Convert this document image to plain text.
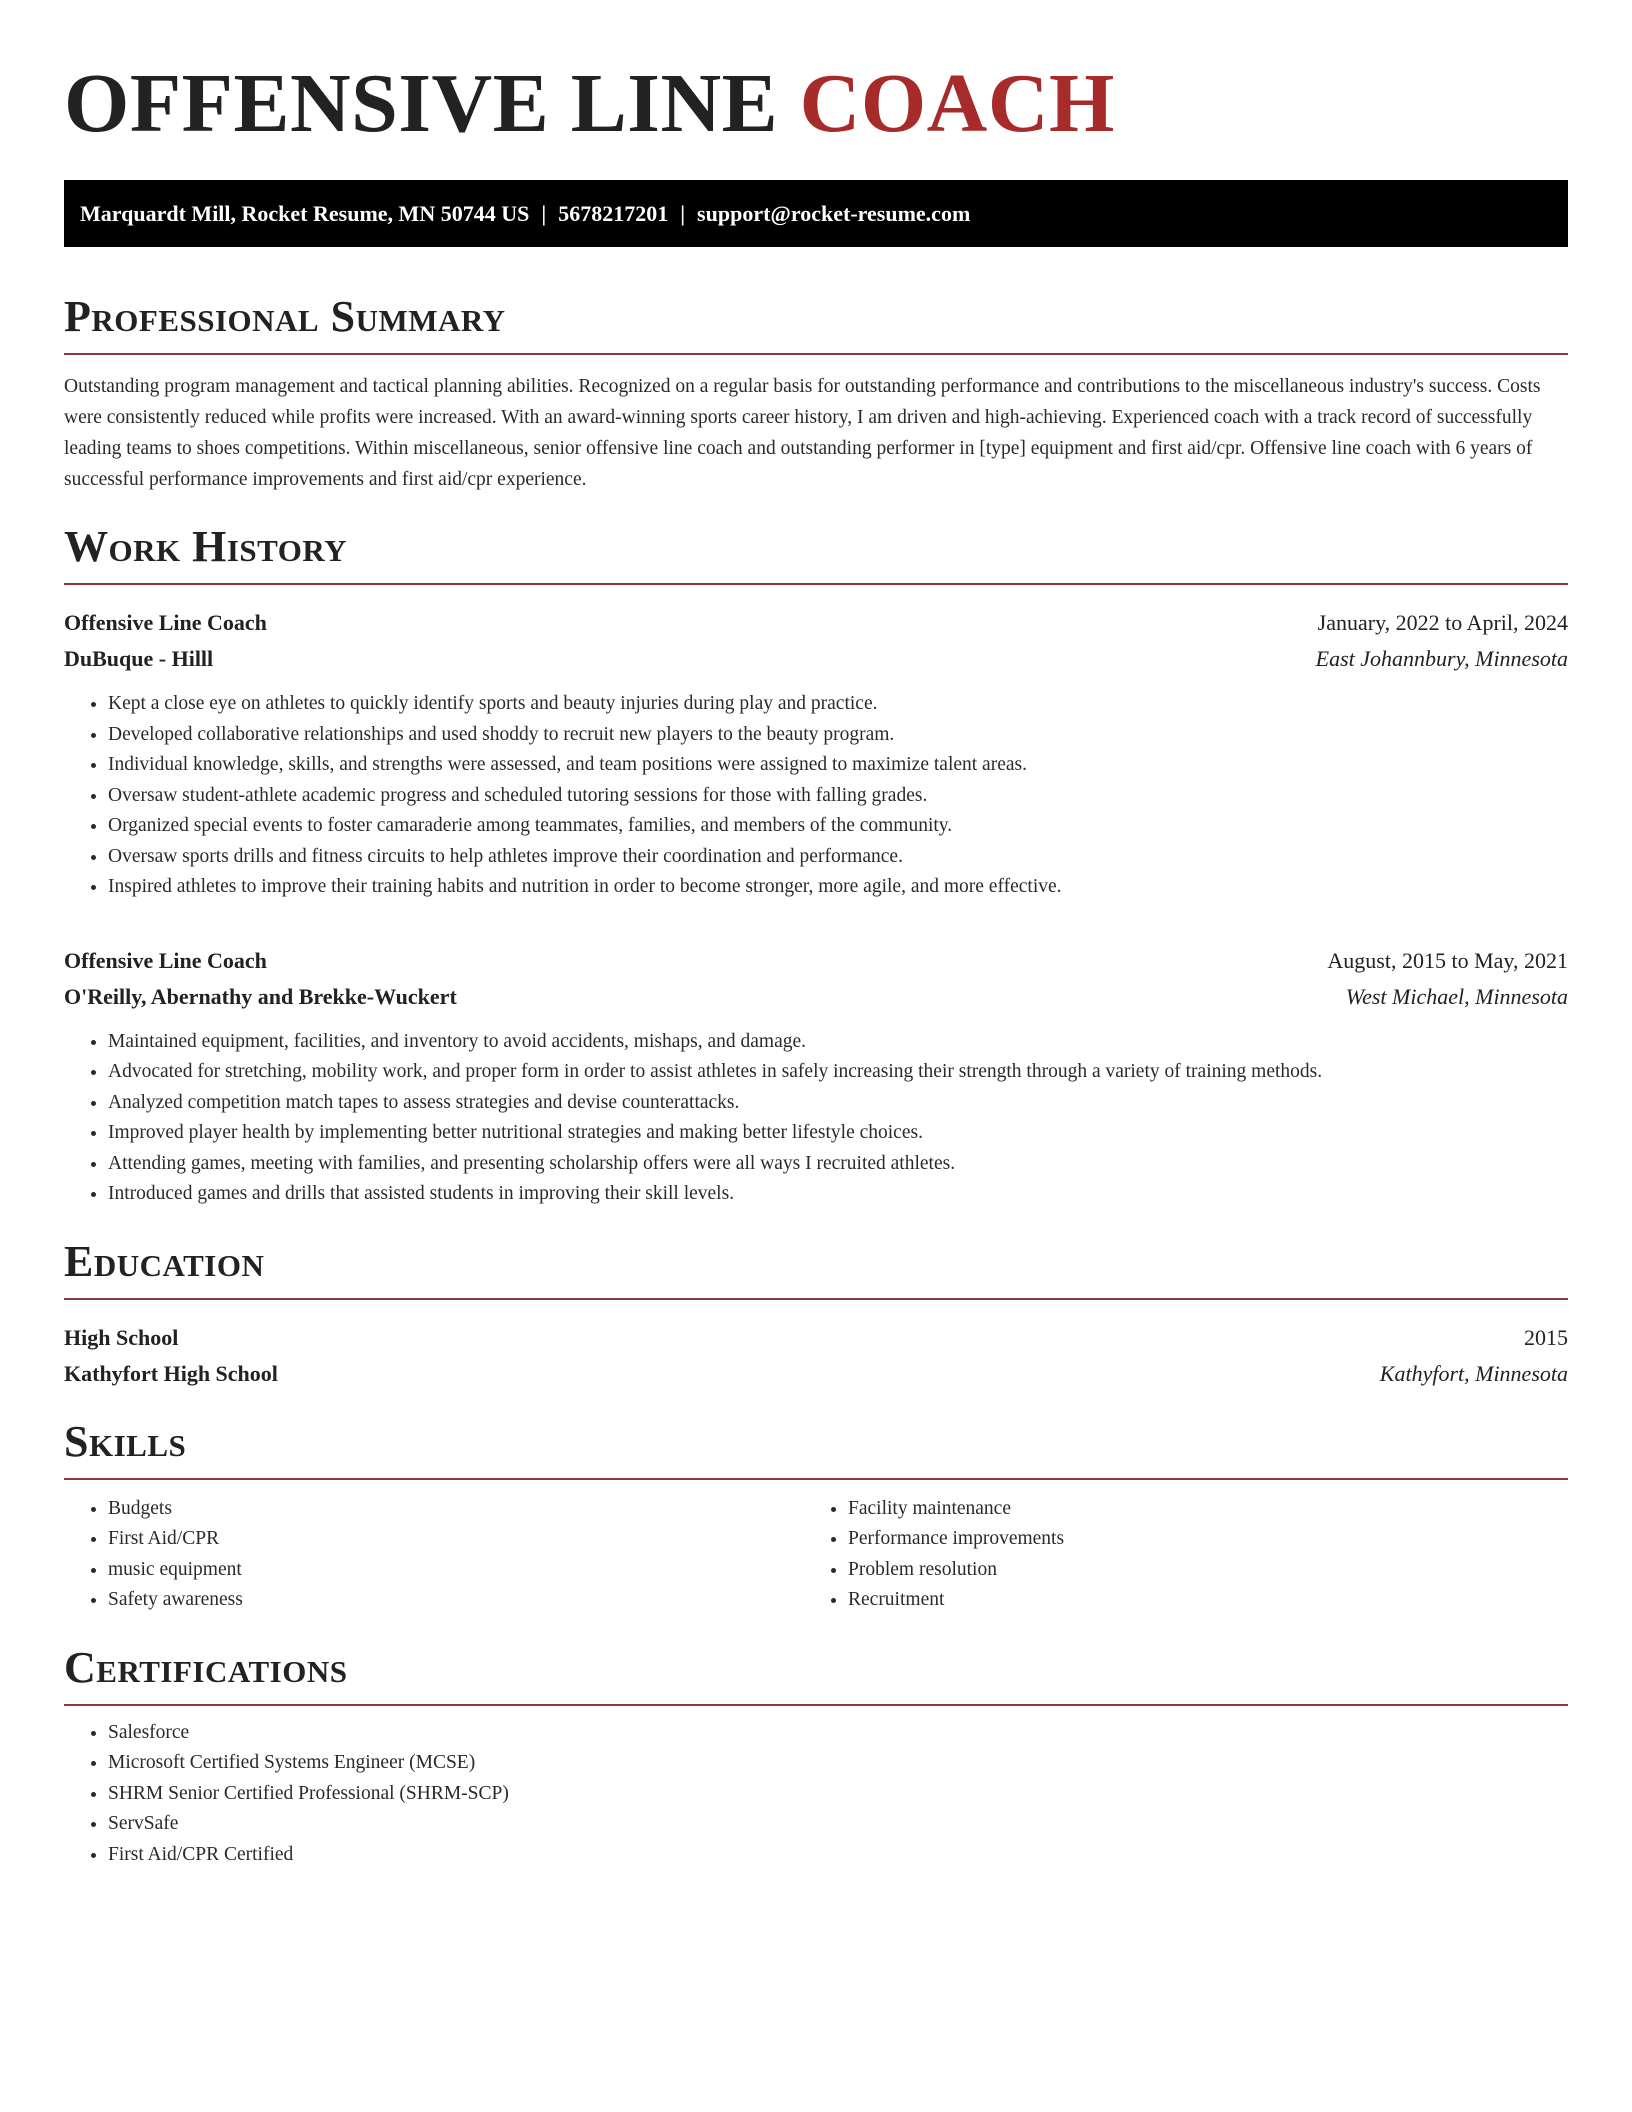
OFFENSIVE LINE COACH
Marquardt Mill, Rocket Resume, MN 50744 US | 5678217201 | support@rocket-resume.com
Professional Summary

Outstanding program management and tactical planning abilities. Recognized on a regular basis for outstanding performance and contributions to the miscellaneous industry's success. Costs were consistently reduced while profits were increased. With an award-winning sports career history, I am driven and high-achieving. Experienced coach with a track record of successfully leading teams to shoes competitions. Within miscellaneous, senior offensive line coach and outstanding performer in [type] equipment and first aid/cpr. Offensive line coach with 6 years of successful performance improvements and first aid/cpr experience.

Work History
Offensive Line Coach	January, 2022 to April, 2024
DuBuque - Hilll	East Johannbury, Minnesota
• Kept a close eye on athletes to quickly identify sports and beauty injuries during play and practice.
• Developed collaborative relationships and used shoddy to recruit new players to the beauty program.
• Individual knowledge, skills, and strengths were assessed, and team positions were assigned to maximize talent areas.
• Oversaw student-athlete academic progress and scheduled tutoring sessions for those with falling grades.
• Organized special events to foster camaraderie among teammates, families, and members of the community.
• Oversaw sports drills and fitness circuits to help athletes improve their coordination and performance.
• Inspired athletes to improve their training habits and nutrition in order to become stronger, more agile, and more effective.
Offensive Line Coach	August, 2015 to May, 2021
O'Reilly, Abernathy and Brekke-Wuckert	West Michael, Minnesota
• Maintained equipment, facilities, and inventory to avoid accidents, mishaps, and damage.
• Advocated for stretching, mobility work, and proper form in order to assist athletes in safely increasing their strength through a variety of training methods.
• Analyzed competition match tapes to assess strategies and devise counterattacks.
• Improved player health by implementing better nutritional strategies and making better lifestyle choices.
• Attending games, meeting with families, and presenting scholarship offers were all ways I recruited athletes.
• Introduced games and drills that assisted students in improving their skill levels.
Education
High School	2015
Kathyfort High School	Kathyfort, Minnesota
Skills
• Budgets
• First Aid/CPR
• music equipment
• Safety awareness
• Facility maintenance
• Performance improvements
• Problem resolution
• Recruitment
Certifications
• Salesforce
• Microsoft Certified Systems Engineer (MCSE)
• SHRM Senior Certified Professional (SHRM-SCP)
• ServSafe
• First Aid/CPR Certified
